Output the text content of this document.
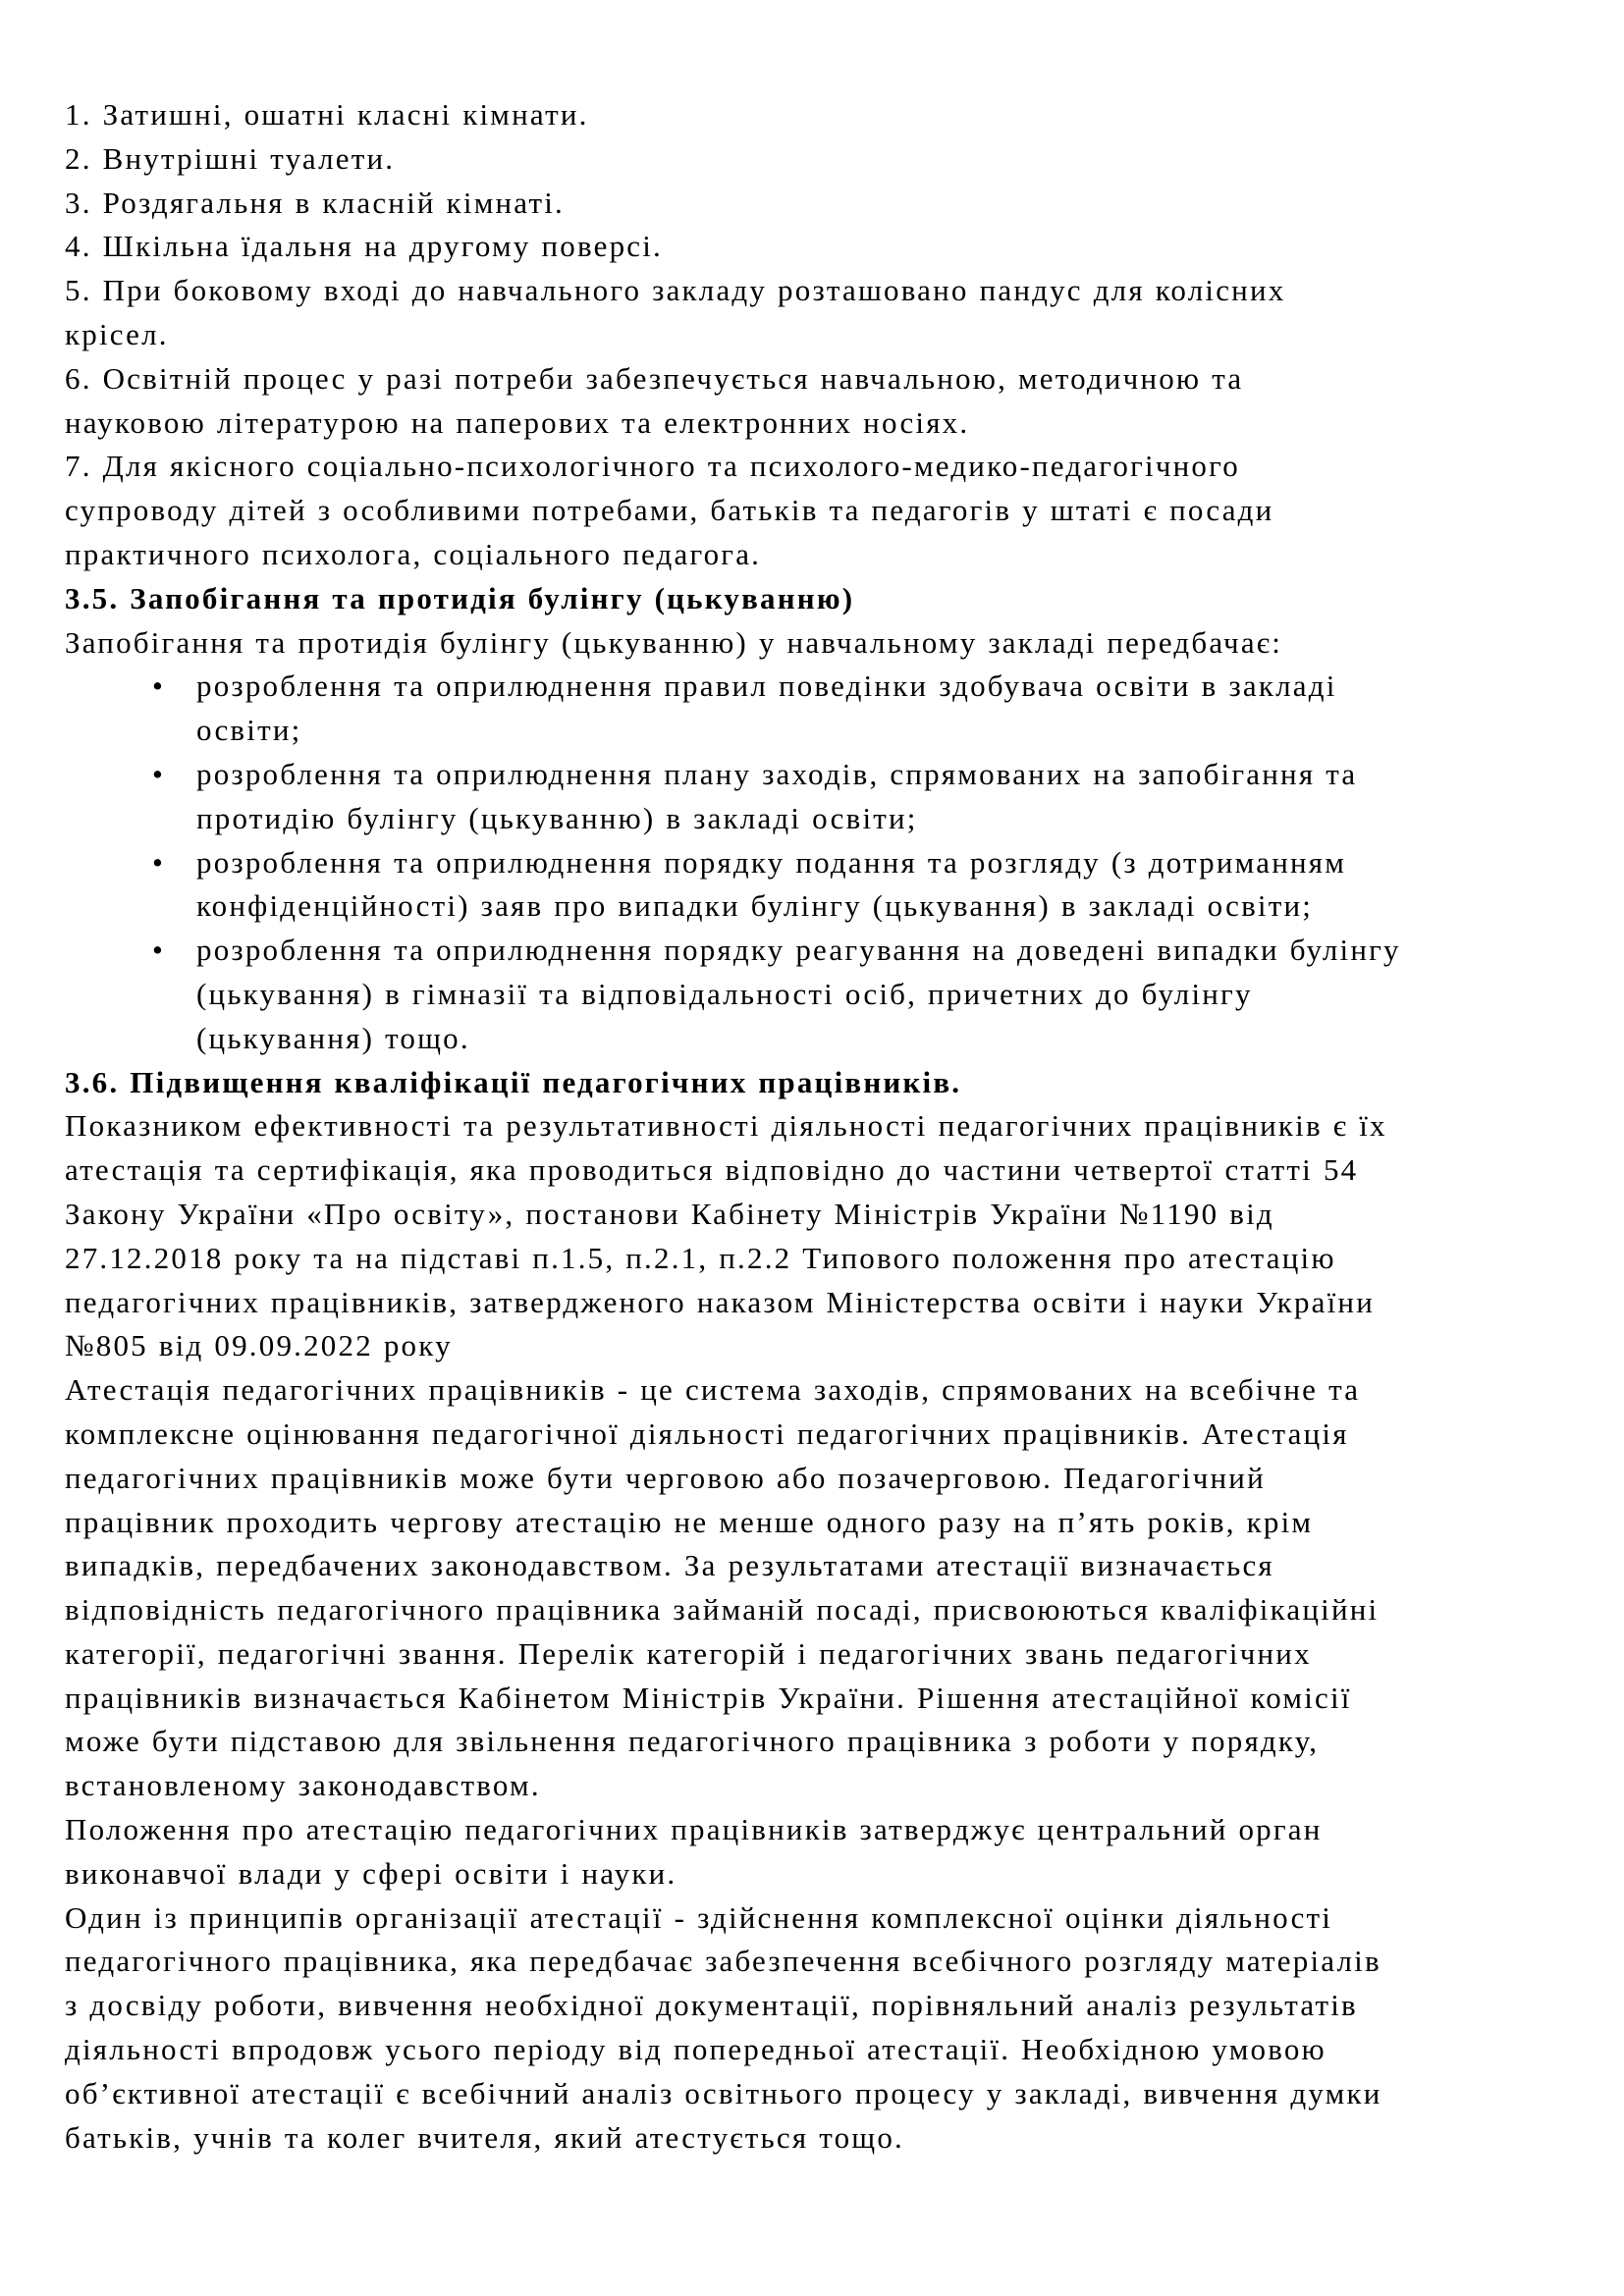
1. Затишні, ошатні класні кімнати.

2. Внутрішні туалети.

3. Роздягальня в класній кімнаті.

4. Шкільна їдальня на другому поверсі.

5. При боковому вході до навчального закладу розташовано пандус для колісних

крісел.

6. Освітній процес у разі потреби забезпечується навчальною, методичною та

науковою літературою на паперових та електронних носіях.

7. Для якісного соціально-психологічного та психолого-медико-педагогічного

супроводу дітей з особливими потребами, батьків та педагогів у штаті є посади

практичного психолога, соціального педагога.

3.5. Запобігання та протидія булінгу (цькуванню)

Запобігання та протидія булінгу (цькуванню) у навчальному закладі передбачає:

•	розроблення та оприлюднення правил поведінки здобувача освіти в закладі

освіти;

•	розроблення та оприлюднення плану заходів, спрямованих на запобігання та

протидію булінгу (цькуванню) в закладі освіти;

•	розроблення та оприлюднення порядку подання та розгляду (з дотриманням

конфіденційності) заяв про випадки булінгу (цькування) в закладі освіти;

•	розроблення та оприлюднення порядку реагування на доведені випадки булінгу

(цькування) в гімназії та відповідальності осіб, причетних до булінгу

(цькування) тощо.

3.6. Підвищення кваліфікації педагогічних працівників.

Показником ефективності та результативності діяльності педагогічних працівників є їх

атестація та сертифікація, яка проводиться відповідно до частини четвертої статті 54

Закону України «Про освіту», постанови Кабінету Міністрів України №1190 від

27.12.2018 року та на підставі п.1.5, п.2.1, п.2.2 Типового положення про атестацію

педагогічних працівників, затвердженого наказом Міністерства освіти і науки України

№805 від 09.09.2022 року

Атестація педагогічних працівників - це система заходів, спрямованих на всебічне та

комплексне оцінювання педагогічної діяльності педагогічних працівників. Атестація

педагогічних працівників може бути черговою або позачерговою. Педагогічний

працівник проходить чергову атестацію не менше одного разу на п’ять років, крім

випадків, передбачених законодавством. За результатами атестації визначається

відповідність педагогічного працівника займаній посаді, присвоюються кваліфікаційні

категорії, педагогічні звання. Перелік категорій і педагогічних звань педагогічних

працівників визначається Кабінетом Міністрів України. Рішення атестаційної комісії

може бути підставою для звільнення педагогічного працівника з роботи у порядку,

встановленому законодавством.

Положення про атестацію педагогічних працівників затверджує центральний орган

виконавчої влади у сфері освіти і науки.

Один із принципів організації атестації - здійснення комплексної оцінки діяльності

педагогічного працівника, яка передбачає забезпечення всебічного розгляду матеріалів

з досвіду роботи, вивчення необхідної документації, порівняльний аналіз результатів

діяльності впродовж усього періоду від попередньої атестації. Необхідною умовою

об’єктивної атестації є всебічний аналіз освітнього процесу у закладі, вивчення думки

батьків, учнів та колег вчителя, який атестується тощо.
